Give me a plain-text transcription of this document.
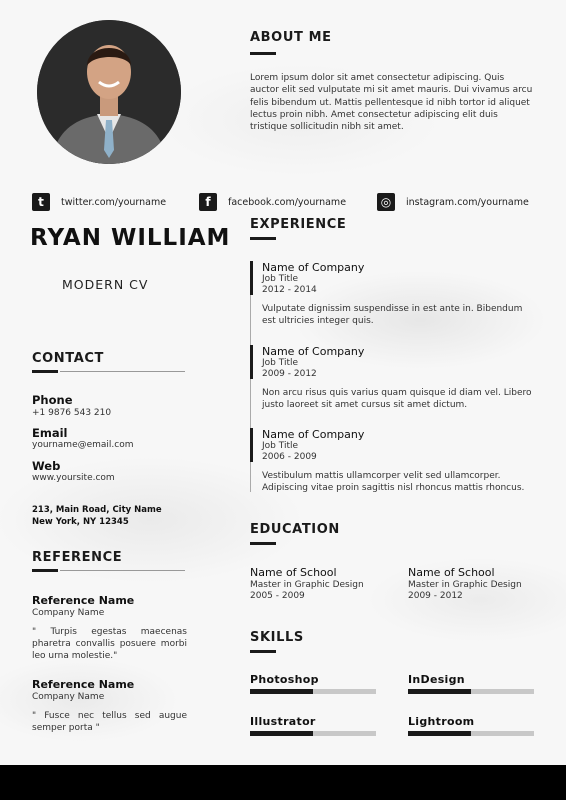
ABOUT ME
Lorem ipsum dolor sit amet consectetur adipiscing. Quis auctor elit sed vulputate mi sit amet mauris. Dui vivamus arcu felis bibendum ut. Mattis pellentesque id nibh tortor id aliquet lectus proin nibh. Amet consectetur adipiscing elit duis tristique sollicitudin nibh sit amet.
t	twitter.com/yourname	f	facebook.com/yourname	◎	instagram.com/yourname
RYAN WILLIAM
MODERN CV
CONTACT
Phone
+1 9876 543 210
Email
yourname@email.com
Web
www.yoursite.com
213, Main Road, City Name
New York, NY 12345
REFERENCE
Reference Name
Company Name
" Turpis egestas maecenas pharetra convallis posuere morbi leo urna molestie."
Reference Name
Company Name
" Fusce nec tellus sed augue semper porta "
EXPERIENCE
Name of Company
Job Title
2012 - 2014
Vulputate dignissim suspendisse in est ante in. Bibendum est ultricies integer quis.
Name of Company
Job Title
2009 - 2012
Non arcu risus quis varius quam quisque id diam vel. Libero justo laoreet sit amet cursus sit amet dictum.
Name of Company
Job Title
2006 - 2009
Vestibulum mattis ullamcorper velit sed ullamcorper. Adipiscing vitae proin sagittis nisl rhoncus mattis rhoncus.
EDUCATION
Name of School
Master in Graphic Design
2005 - 2009
Name of School
Master in Graphic Design
2009 - 2012
SKILLS
Photoshop	InDesign
Illustrator	Lightroom
